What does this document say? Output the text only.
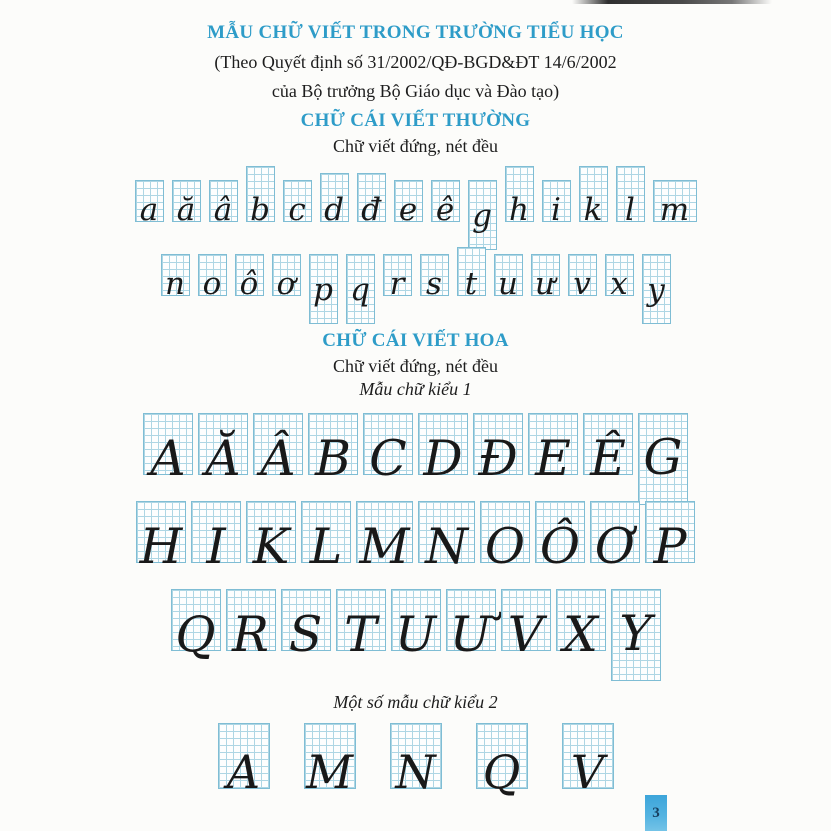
MẪU CHỮ VIẾT TRONG TRƯỜNG TIỂU HỌC

(Theo Quyết định số 31/2002/QĐ-BGD&ĐT 14/6/2002

của Bộ trưởng Bộ Giáo dục và Đào tạo)

CHỮ CÁI VIẾT THƯỜNG

Chữ viết đứng, nét đều

a ă â b c d đ e ê g h i k l m
n o ô ơ p q r s t u ư v x y
CHỮ CÁI VIẾT HOA

Chữ viết đứng, nét đều

Mẫu chữ kiểu 1

A Ă Â B C D Đ E Ê G
H I K L M N O Ô Ơ P
Q R S T U Ư V X Y

Một số mẫu chữ kiểu 2

A M N Q V
3
